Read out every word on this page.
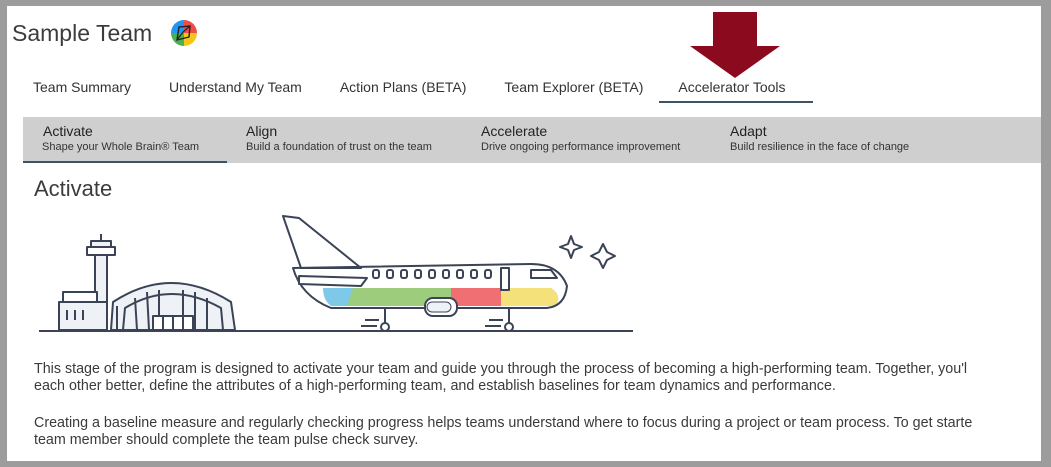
Sample Team
Team Summary	Understand My Team	Action Plans (BETA)	Team Explorer (BETA)	Accelerator Tools
Activate
Shape your Whole Brain® Team
Align
Build a foundation of trust on the team
Accelerate
Drive ongoing performance improvement
Adapt
Build resilience in the face of change
Activate
This stage of the program is designed to activate your team and guide you through the process of becoming a high-performing team. Together, you'l
each other better, define the attributes of a high-performing team, and establish baselines for team dynamics and performance.
Creating a baseline measure and regularly checking progress helps teams understand where to focus during a project or team process. To get starte
team member should complete the team pulse check survey.
